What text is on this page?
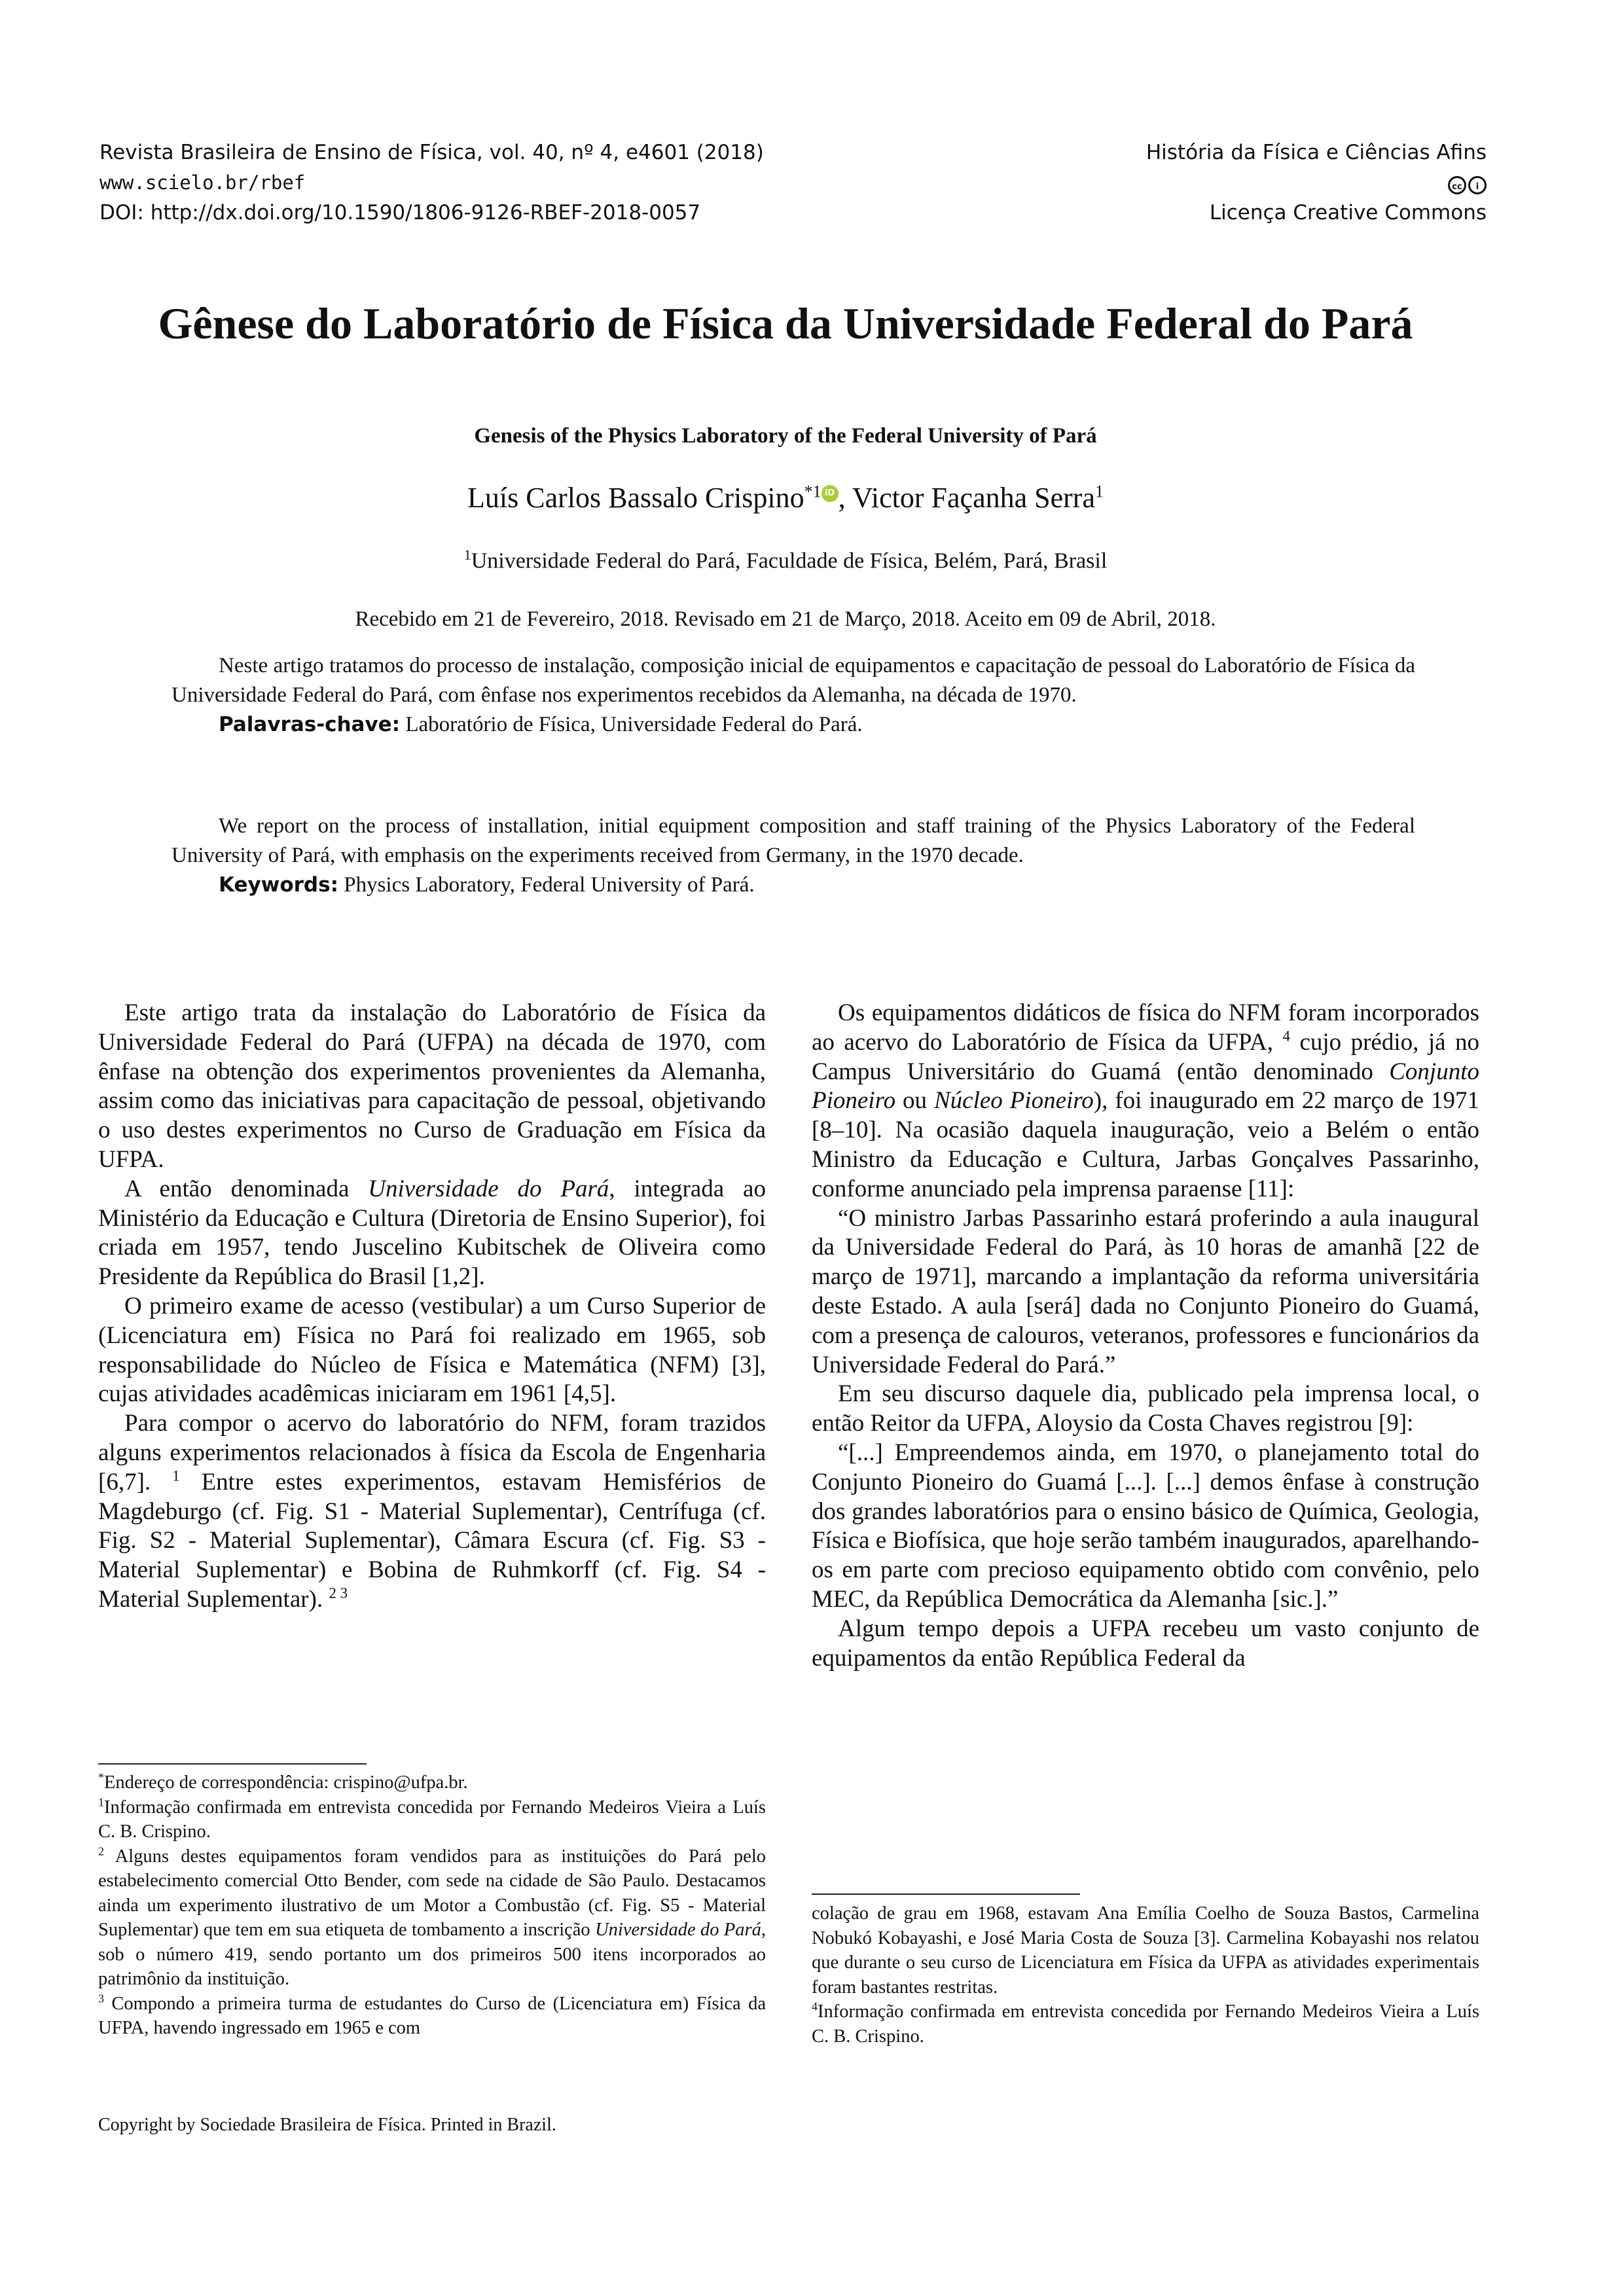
Revista Brasileira de Ensino de Física, vol. 40, nº 4, e4601 (2018)
www.scielo.br/rbef
DOI: http://dx.doi.org/10.1590/1806-9126-RBEF-2018-0057
História da Física e Ciências Afins
cc	i
Licença Creative Commons
Gênese do Laboratório de Física da Universidade Federal do Pará
Genesis of the Physics Laboratory of the Federal University of Pará
Luís Carlos Bassalo Crispino$^{*1}$ iD , Victor Façanha Serra$^1$
$^1$Universidade Federal do Pará, Faculdade de Física, Belém, Pará, Brasil
Recebido em 21 de Fevereiro, 2018. Revisado em 21 de Março, 2018. Aceito em 09 de Abril, 2018.

Neste artigo tratamos do processo de instalação, composição inicial de equipamentos e capacitação de pessoal do Laboratório de Física da Universidade Federal do Pará, com ênfase nos experimentos recebidos da Alemanha, na década de 1970.

Palavras-chave: Laboratório de Física, Universidade Federal do Pará.

We report on the process of installation, initial equipment composition and staff training of the Physics Laboratory of the Federal University of Pará, with emphasis on the experiments received from Germany, in the 1970 decade.

Keywords: Physics Laboratory, Federal University of Pará.

Este artigo trata da instalação do Laboratório de Física da Universidade Federal do Pará (UFPA) na década de 1970, com ênfase na obtenção dos experimentos provenientes da Alemanha, assim como das iniciativas para capacitação de pessoal, objetivando o uso destes experimentos no Curso de Graduação em Física da UFPA.

A então denominada Universidade do Pará, integrada ao Ministério da Educação e Cultura (Diretoria de Ensino Superior), foi criada em 1957, tendo Juscelino Kubitschek de Oliveira como Presidente da República do Brasil [1,2].

O primeiro exame de acesso (vestibular) a um Curso Superior de (Licenciatura em) Física no Pará foi realizado em 1965, sob responsabilidade do Núcleo de Física e Matemática (NFM) [3], cujas atividades acadêmicas iniciaram em 1961 [4,5].

Para compor o acervo do laboratório do NFM, foram trazidos alguns experimentos relacionados à física da Escola de Engenharia [6,7]. $^1$ Entre estes experimentos, estavam Hemisférios de Magdeburgo (cf. Fig. S1 - Material Suplementar), Centrífuga (cf. Fig. S2 - Material Suplementar), Câmara Escura (cf. Fig. S3 - Material Suplementar) e Bobina de Ruhmkorff (cf. Fig. S4 - Material Suplementar). $^{2 3}$

Os equipamentos didáticos de física do NFM foram incorporados ao acervo do Laboratório de Física da UFPA, $^4$ cujo prédio, já no Campus Universitário do Guamá (então denominado Conjunto Pioneiro ou Núcleo Pioneiro), foi inaugurado em 22 março de 1971 [8–10]. Na ocasião daquela inauguração, veio a Belém o então Ministro da Educação e Cultura, Jarbas Gonçalves Passarinho, conforme anunciado pela imprensa paraense [11]:

“O ministro Jarbas Passarinho estará proferindo a aula inaugural da Universidade Federal do Pará, às 10 horas de amanhã [22 de março de 1971], marcando a implantação da reforma universitária deste Estado. A aula [será] dada no Conjunto Pioneiro do Guamá, com a presença de calouros, veteranos, professores e funcionários da Universidade Federal do Pará.”

Em seu discurso daquele dia, publicado pela imprensa local, o então Reitor da UFPA, Aloysio da Costa Chaves registrou [9]:

“[...] Empreendemos ainda, em 1970, o planejamento total do Conjunto Pioneiro do Guamá [...]. [...] demos ênfase à construção dos grandes laboratórios para o ensino básico de Química, Geologia, Física e Biofísica, que hoje serão também inaugurados, aparelhando-os em parte com precioso equipamento obtido com convênio, pelo MEC, da República Democrática da Alemanha [sic.].”

Algum tempo depois a UFPA recebeu um vasto conjunto de equipamentos da então República Federal da

*Endereço de correspondência: crispino@ufpa.br.

$^1$Informação confirmada em entrevista concedida por Fernando Medeiros Vieira a Luís C. B. Crispino.

$^2$ Alguns destes equipamentos foram vendidos para as instituições do Pará pelo estabelecimento comercial Otto Bender, com sede na cidade de São Paulo. Destacamos ainda um experimento ilustrativo de um Motor a Combustão (cf. Fig. S5 - Material Suplementar) que tem em sua etiqueta de tombamento a inscrição Universidade do Pará, sob o número 419, sendo portanto um dos primeiros 500 itens incorporados ao patrimônio da instituição.

$^3$ Compondo a primeira turma de estudantes do Curso de (Licenciatura em) Física da UFPA, havendo ingressado em 1965 e com

colação de grau em 1968, estavam Ana Emília Coelho de Souza Bastos, Carmelina Nobukó Kobayashi, e José Maria Costa de Souza [3]. Carmelina Kobayashi nos relatou que durante o seu curso de Licenciatura em Física da UFPA as atividades experimentais foram bastantes restritas.

$^4$Informação confirmada em entrevista concedida por Fernando Medeiros Vieira a Luís C. B. Crispino.

Copyright by Sociedade Brasileira de Física. Printed in Brazil.
